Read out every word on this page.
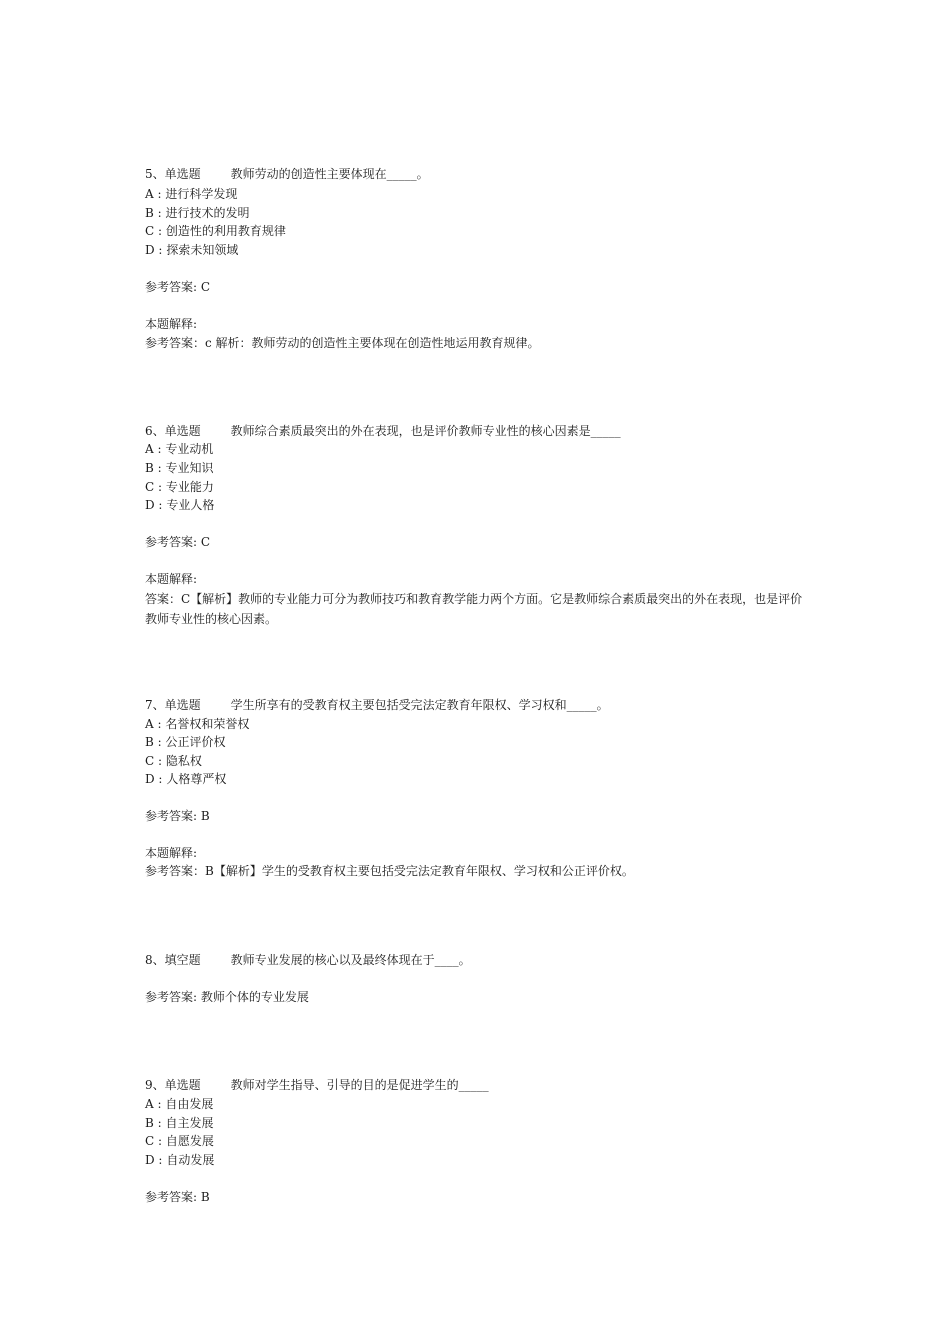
5、单选题	教师劳动的创造性主要体现在_____。
A : 进行科学发现
B : 进行技术的发明
C : 创造性的利用教育规律
D : 探索未知领域
参考答案: C
本题解释:
参考答案：c 解析：教师劳动的创造性主要体现在创造性地运用教育规律。
6、单选题	教师综合素质最突出的外在表现，也是评价教师专业性的核心因素是_____
A : 专业动机
B : 专业知识
C : 专业能力
D : 专业人格
参考答案: C
本题解释:
答案：C【解析】教师的专业能力可分为教师技巧和教育教学能力两个方面。它是教师综合素质最突出的外在表现，也是评价教师专业性的核心因素。
7、单选题	学生所享有的受教育权主要包括受完法定教育年限权、学习权和_____。
A : 名誉权和荣誉权
B : 公正评价权
C : 隐私权
D : 人格尊严权
参考答案: B
本题解释:
参考答案：B【解析】学生的受教育权主要包括受完法定教育年限权、学习权和公正评价权。
8、填空题	教师专业发展的核心以及最终体现在于____。
参考答案: 教师个体的专业发展
9、单选题	教师对学生指导、引导的目的是促进学生的_____
A : 自由发展
B : 自主发展
C : 自愿发展
D : 自动发展
参考答案: B
